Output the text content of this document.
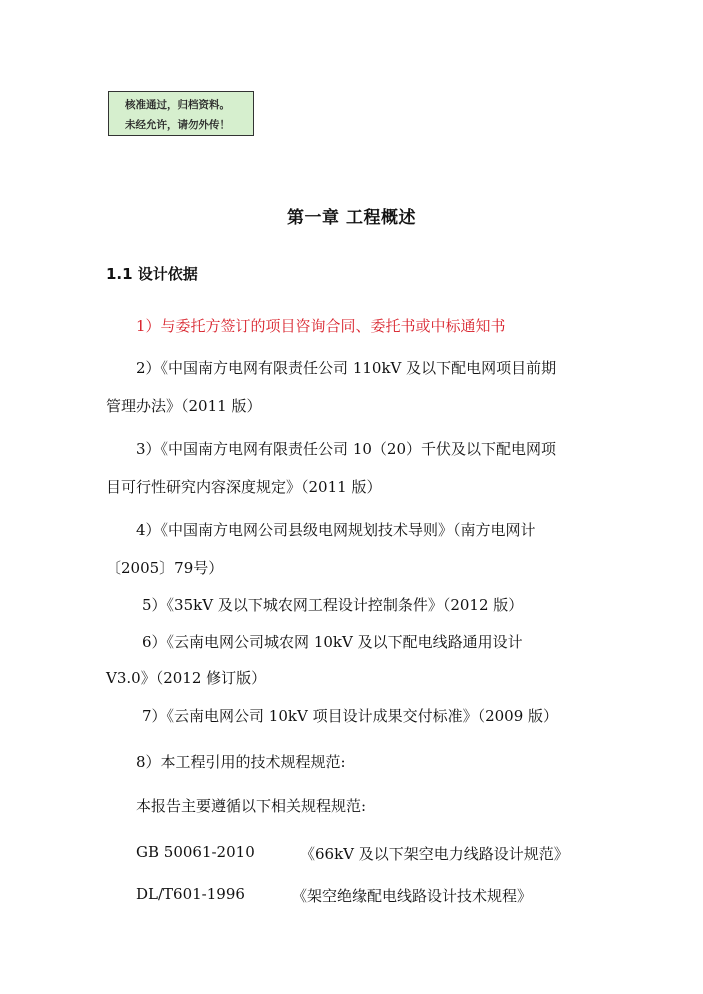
核准通过，归档资料。
未经允许，请勿外传！
第一章 工程概述
1.1 设计依据
1）与委托方签订的项目咨询合同、委托书或中标通知书
2）《中国南方电网有限责任公司 110kV 及以下配电网项目前期
管理办法》（2011 版）
3）《中国南方电网有限责任公司 10（20）千伏及以下配电网项
目可行性研究内容深度规定》（2011 版）
4）《中国南方电网公司县级电网规划技术导则》（南方电网计
〔2005〕79号）
5）《35kV 及以下城农网工程设计控制条件》（2012 版）
6）《云南电网公司城农网 10kV 及以下配电线路通用设计
V3.0》（2012 修订版）
7）《云南电网公司 10kV 项目设计成果交付标准》（2009 版）
8）本工程引用的技术规程规范:
本报告主要遵循以下相关规程规范:
GB 50061-2010	《66kV 及以下架空电力线路设计规范》
DL/T601-1996	《架空绝缘配电线路设计技术规程》
